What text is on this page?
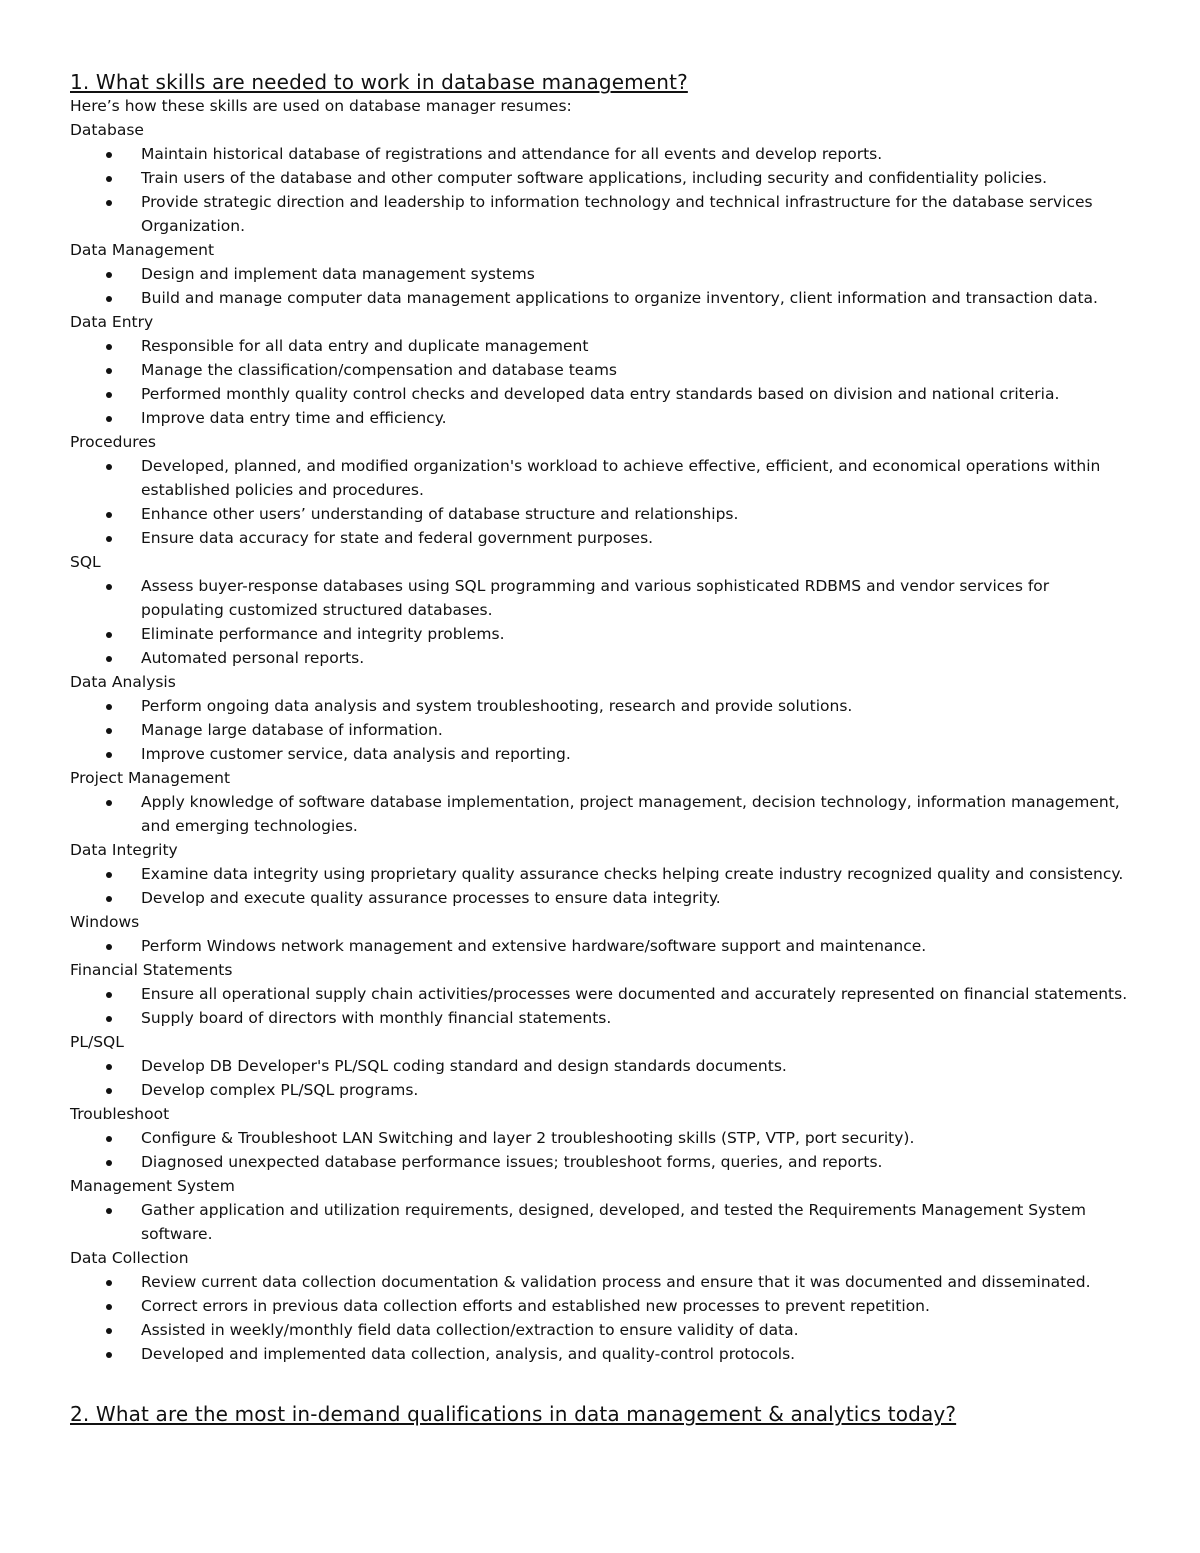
1. What skills are needed to work in database management?

Here’s how these skills are used on database manager resumes:

Database
Maintain historical database of registrations and attendance for all events and develop reports.
Train users of the database and other computer software applications, including security and confidentiality policies.
Provide strategic direction and leadership to information technology and technical infrastructure for the database services Organization.
Data Management
Design and implement data management systems
Build and manage computer data management applications to organize inventory, client information and transaction data.
Data Entry
Responsible for all data entry and duplicate management
Manage the classification/compensation and database teams
Performed monthly quality control checks and developed data entry standards based on division and national criteria.
Improve data entry time and efficiency.
Procedures
Developed, planned, and modified organization's workload to achieve effective, efficient, and economical operations within established policies and procedures.
Enhance other users’ understanding of database structure and relationships.
Ensure data accuracy for state and federal government purposes.
SQL
Assess buyer-response databases using SQL programming and various sophisticated RDBMS and vendor services for populating customized structured databases.
Eliminate performance and integrity problems.
Automated personal reports.
Data Analysis
Perform ongoing data analysis and system troubleshooting, research and provide solutions.
Manage large database of information.
Improve customer service, data analysis and reporting.
Project Management
Apply knowledge of software database implementation, project management, decision technology, information management, and emerging technologies.
Data Integrity
Examine data integrity using proprietary quality assurance checks helping create industry recognized quality and consistency.
Develop and execute quality assurance processes to ensure data integrity.
Windows
Perform Windows network management and extensive hardware/software support and maintenance.
Financial Statements
Ensure all operational supply chain activities/processes were documented and accurately represented on financial statements.
Supply board of directors with monthly financial statements.
PL/SQL
Develop DB Developer's PL/SQL coding standard and design standards documents.
Develop complex PL/SQL programs.
Troubleshoot
Configure & Troubleshoot LAN Switching and layer 2 troubleshooting skills (STP, VTP, port security).
Diagnosed unexpected database performance issues; troubleshoot forms, queries, and reports.
Management System
Gather application and utilization requirements, designed, developed, and tested the Requirements Management System software.
Data Collection
Review current data collection documentation & validation process and ensure that it was documented and disseminated.
Correct errors in previous data collection efforts and established new processes to prevent repetition.
Assisted in weekly/monthly field data collection/extraction to ensure validity of data.
Developed and implemented data collection, analysis, and quality-control protocols.
2. What are the most in-demand qualifications in data management & analytics today?
